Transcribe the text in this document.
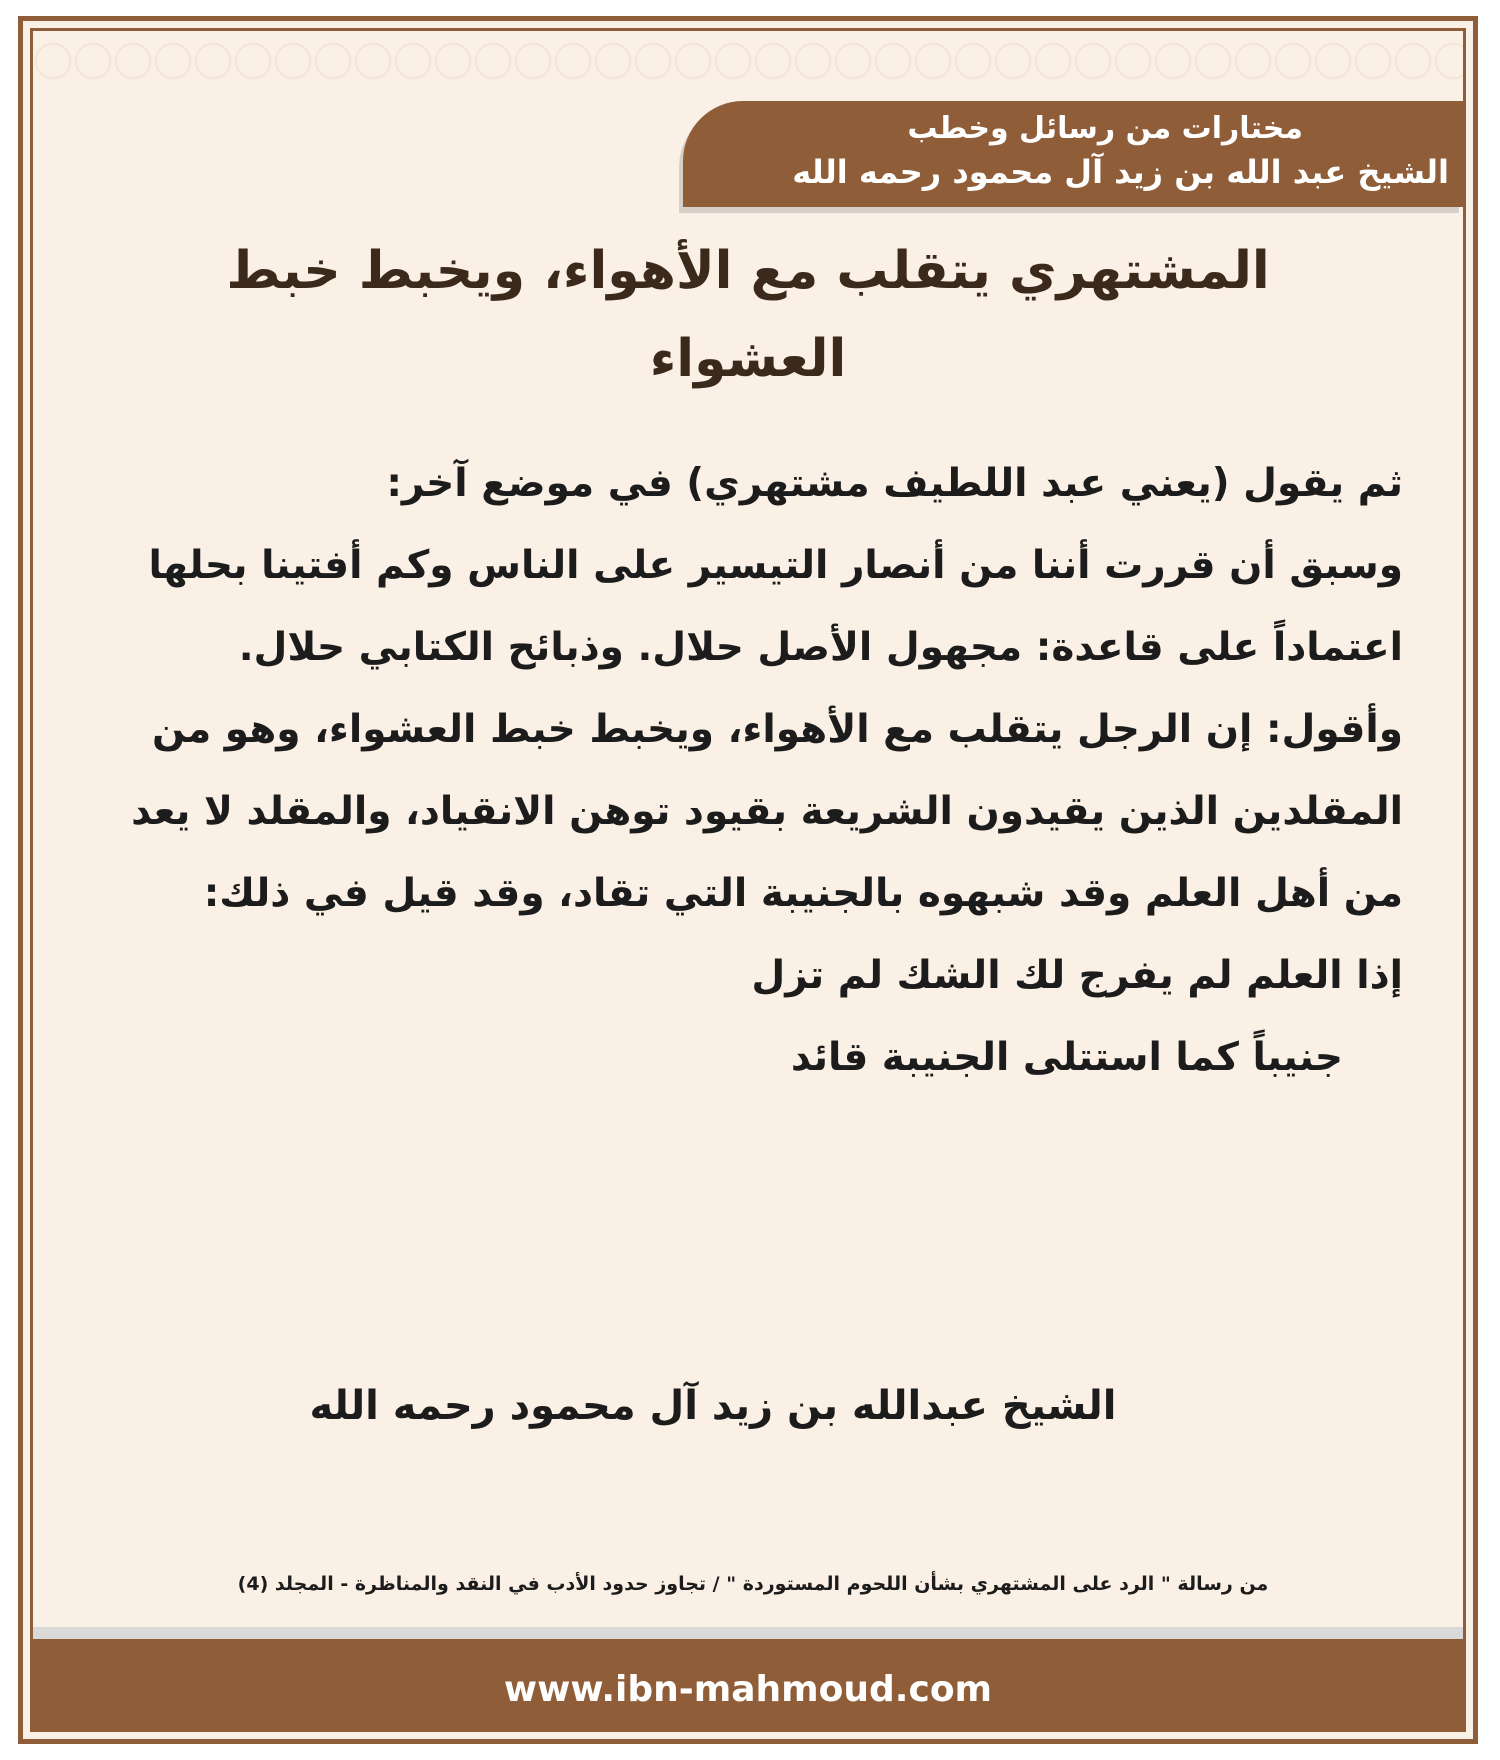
مختارات من رسائل وخطب
الشيخ عبد الله بن زيد آل محمود رحمه الله
المشتهري يتقلب مع الأهواء، ويخبط خبط العشواء

ثم يقول (يعني عبد اللطيف مشتهري) في موضع آخر:

وسبق أن قررت أننا من أنصار التيسير على الناس وكم أفتينا بحلها اعتماداً على قاعدة: مجهول الأصل حلال. وذبائح الكتابي حلال.

وأقول: إن الرجل يتقلب مع الأهواء، ويخبط خبط العشواء، وهو من المقلدين الذين يقيدون الشريعة بقيود توهن الانقياد، والمقلد لا يعد من أهل العلم وقد شبهوه بالجنيبة التي تقاد، وقد قيل في ذلك:

إذا العلم لم يفرج لك الشك لم تزل

جنيباً كما استتلى الجنيبة قائد

الشيخ عبدالله بن زيد آل محمود رحمه الله
من رسالة " الرد على المشتهري بشأن اللحوم المستوردة " / تجاوز حدود الأدب في النقد والمناظرة - المجلد (4)
www.ibn-mahmoud.com
